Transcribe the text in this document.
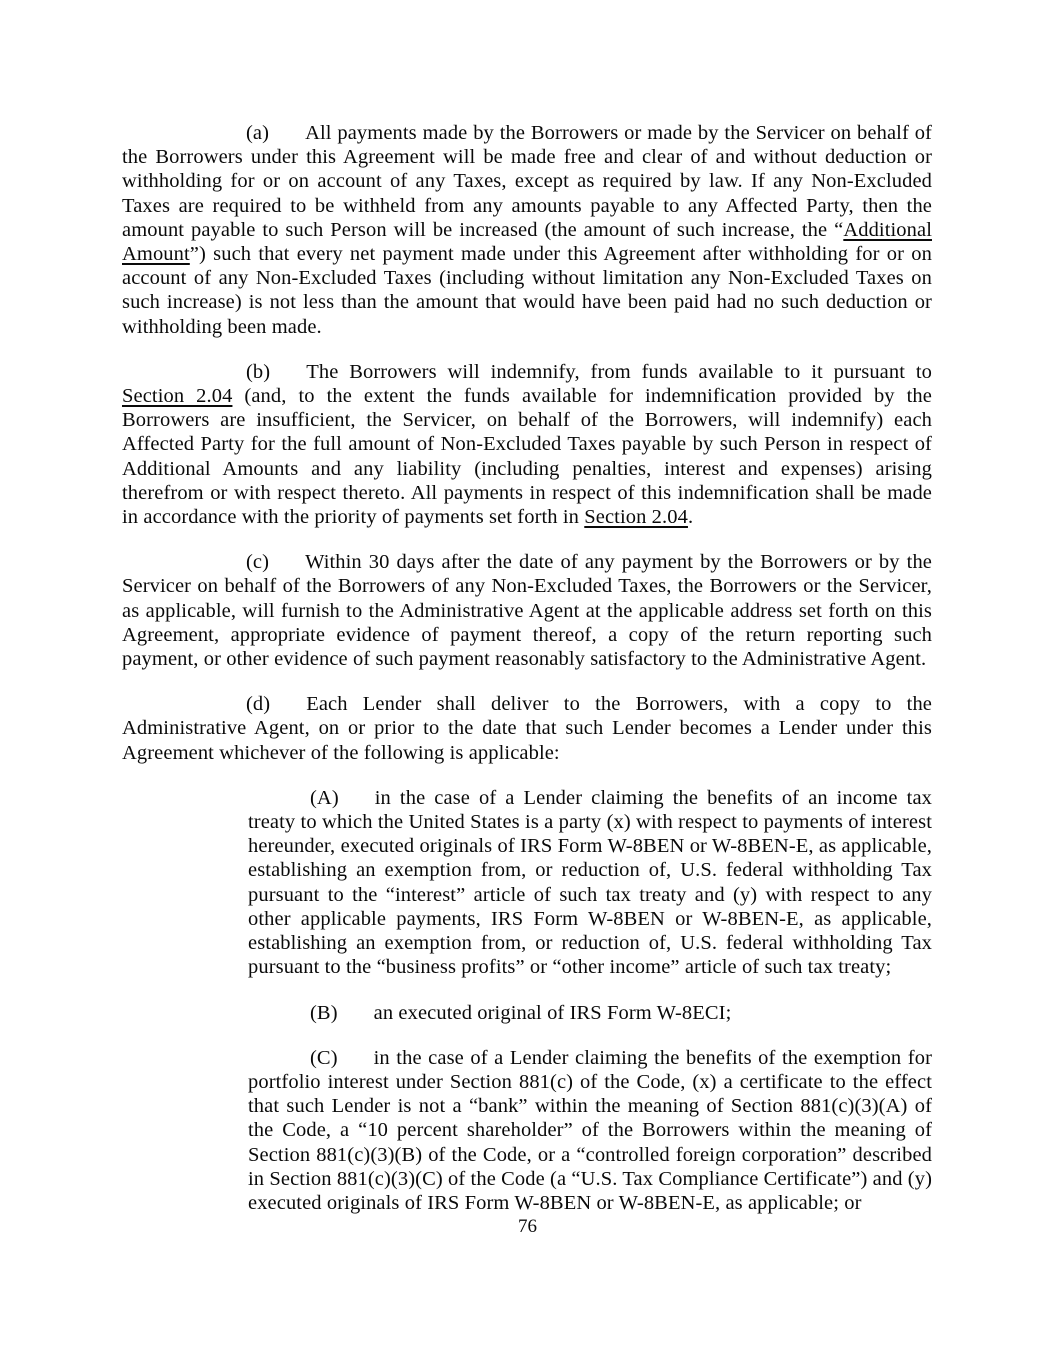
(a) All payments made by the Borrowers or made by the Servicer on behalf of the Borrowers under this Agreement will be made free and clear of and without deduction or withholding for or on account of any Taxes, except as required by law. If any Non-Excluded Taxes are required to be withheld from any amounts payable to any Affected Party, then the amount payable to such Person will be increased (the amount of such increase, the “Additional Amount”) such that every net payment made under this Agreement after withholding for or on account of any Non-Excluded Taxes (including without limitation any Non-Excluded Taxes on such increase) is not less than the amount that would have been paid had no such deduction or withholding been made.

(b) The Borrowers will indemnify, from funds available to it pursuant to Section 2.04 (and, to the extent the funds available for indemnification provided by the Borrowers are insufficient, the Servicer, on behalf of the Borrowers, will indemnify) each Affected Party for the full amount of Non-Excluded Taxes payable by such Person in respect of Additional Amounts and any liability (including penalties, interest and expenses) arising therefrom or with respect thereto. All payments in respect of this indemnification shall be made in accordance with the priority of payments set forth in Section 2.04.

(c) Within 30 days after the date of any payment by the Borrowers or by the Servicer on behalf of the Borrowers of any Non-Excluded Taxes, the Borrowers or the Servicer, as applicable, will furnish to the Administrative Agent at the applicable address set forth on this Agreement, appropriate evidence of payment thereof, a copy of the return reporting such payment, or other evidence of such payment reasonably satisfactory to the Administrative Agent.

(d) Each Lender shall deliver to the Borrowers, with a copy to the Administrative Agent, on or prior to the date that such Lender becomes a Lender under this Agreement whichever of the following is applicable:

(A) in the case of a Lender claiming the benefits of an income tax treaty to which the United States is a party (x) with respect to payments of interest hereunder, executed originals of IRS Form W-8BEN or W-8BEN-E, as applicable, establishing an exemption from, or reduction of, U.S. federal withholding Tax pursuant to the “interest” article of such tax treaty and (y) with respect to any other applicable payments, IRS Form W-8BEN or W-8BEN-E, as applicable, establishing an exemption from, or reduction of, U.S. federal withholding Tax pursuant to the “business profits” or “other income” article of such tax treaty;

(B) an executed original of IRS Form W-8ECI;

(C) in the case of a Lender claiming the benefits of the exemption for portfolio interest under Section 881(c) of the Code, (x) a certificate to the effect that such Lender is not a “bank” within the meaning of Section 881(c)(3)(A) of the Code, a “10 percent shareholder” of the Borrowers within the meaning of Section 881(c)(3)(B) of the Code, or a “controlled foreign corporation” described in Section 881(c)(3)(C) of the Code (a “U.S. Tax Compliance Certificate”) and (y) executed originals of IRS Form W-8BEN or W-8BEN-E, as applicable; or

76
